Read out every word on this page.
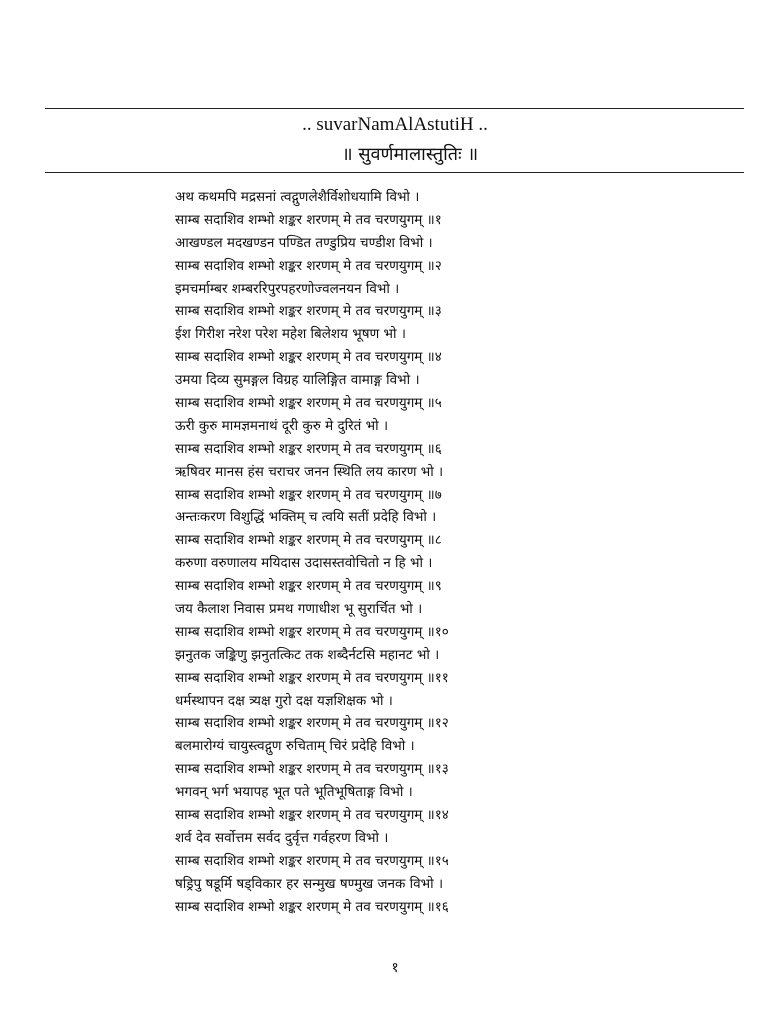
.. suvarNamAlAstutiH ..
॥ सुवर्णमालास्तुतिः ॥
अथ कथमपि मद्रसनां त्वद्गुणलेशैर्विशोधयामि विभो ।
साम्ब सदाशिव शम्भो शङ्कर शरणम् मे तव चरणयुगम् ॥१
आखण्डल मदखण्डन पण्डित तण्डुप्रिय चण्डीश विभो ।
साम्ब सदाशिव शम्भो शङ्कर शरणम् मे तव चरणयुगम् ॥२
इमचर्माम्बर शम्बररिपुरपहरणोज्वलनयन विभो ।
साम्ब सदाशिव शम्भो शङ्कर शरणम् मे तव चरणयुगम् ॥३
ईश गिरीश नरेश परेश महेश बिलेशय भूषण भो ।
साम्ब सदाशिव शम्भो शङ्कर शरणम् मे तव चरणयुगम् ॥४
उमया दिव्य सुमङ्गल विग्रह यालिङ्गित वामाङ्ग विभो ।
साम्ब सदाशिव शम्भो शङ्कर शरणम् मे तव चरणयुगम् ॥५
ऊरी कुरु मामज्ञमनाथं दूरी कुरु मे दुरितं भो ।
साम्ब सदाशिव शम्भो शङ्कर शरणम् मे तव चरणयुगम् ॥६
ऋषिवर मानस हंस चराचर जनन स्थिति लय कारण भो ।
साम्ब सदाशिव शम्भो शङ्कर शरणम् मे तव चरणयुगम् ॥७
अन्तःकरण विशुद्धिं भक्तिम् च त्वयि सतीं प्रदेहि विभो ।
साम्ब सदाशिव शम्भो शङ्कर शरणम् मे तव चरणयुगम् ॥८
करुणा वरुणालय मयिदास उदासस्तवोचितो न हि भो ।
साम्ब सदाशिव शम्भो शङ्कर शरणम् मे तव चरणयुगम् ॥९
जय कैलाश निवास प्रमथ गणाधीश भू सुरार्चित भो ।
साम्ब सदाशिव शम्भो शङ्कर शरणम् मे तव चरणयुगम् ॥१०
झनुतक जङ्किणु झनुतत्किट तक शब्दैर्नटसि महानट भो ।
साम्ब सदाशिव शम्भो शङ्कर शरणम् मे तव चरणयुगम् ॥११
धर्मस्थापन दक्ष त्र्यक्ष गुरो दक्ष यज्ञशिक्षक भो ।
साम्ब सदाशिव शम्भो शङ्कर शरणम् मे तव चरणयुगम् ॥१२
बलमारोग्यं चायुस्त्वद्गुण रुचिताम् चिरं प्रदेहि विभो ।
साम्ब सदाशिव शम्भो शङ्कर शरणम् मे तव चरणयुगम् ॥१३
भगवन् भर्ग भयापह भूत पते भूतिभूषिताङ्ग विभो ।
साम्ब सदाशिव शम्भो शङ्कर शरणम् मे तव चरणयुगम् ॥१४
शर्व देव सर्वोत्तम सर्वद दुर्वृत्त गर्वहरण विभो ।
साम्ब सदाशिव शम्भो शङ्कर शरणम् मे तव चरणयुगम् ॥१५
षड्रिपु षडूर्मि षड्विकार हर सन्मुख षण्मुख जनक विभो ।
साम्ब सदाशिव शम्भो शङ्कर शरणम् मे तव चरणयुगम् ॥१६
१
